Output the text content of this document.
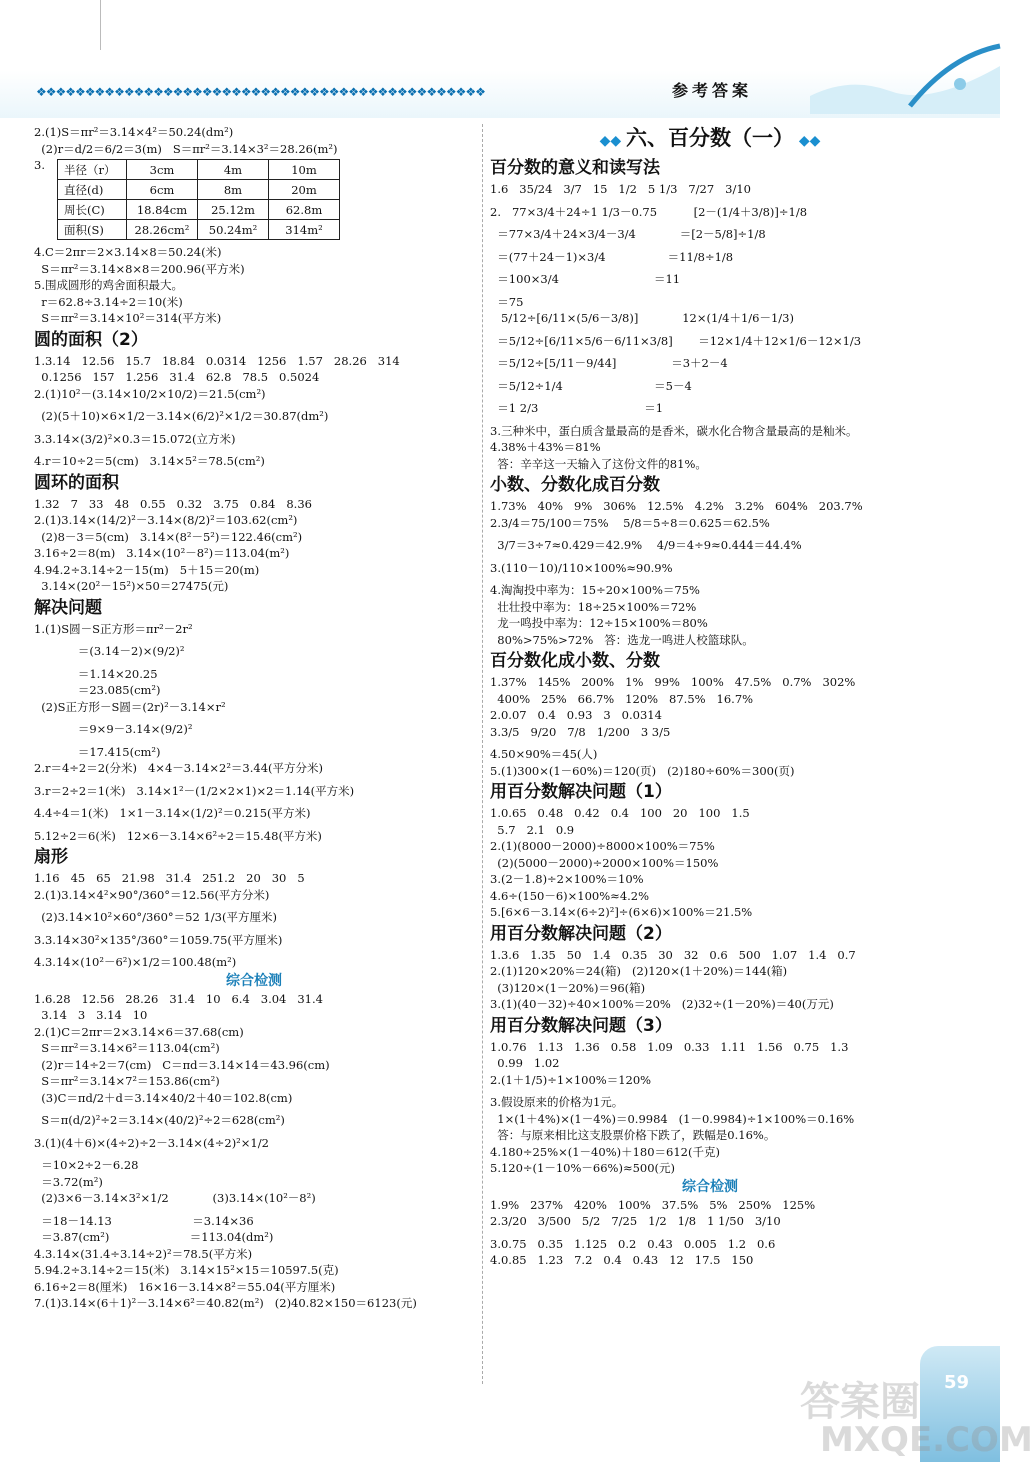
❖❖❖❖❖❖❖❖❖❖❖❖❖❖❖❖❖❖❖❖❖❖❖❖❖❖❖❖❖❖❖❖❖❖❖❖❖❖❖❖❖❖❖❖❖❖	参考答案
2.(1)S＝πr²＝3.14×4²＝50.24(dm²)
(2)r＝d/2＝6/2＝3(m)   S＝πr²＝3.14×3²＝28.26(m²)
3. 半径（r）	3cm	4m	10m
直径(d)	6cm	8m	20m
周长(C)	18.84cm	25.12m	62.8m
面积(S)	28.26cm²	50.24m²	314m²
4.C＝2πr＝2×3.14×8＝50.24(米)
S＝πr²＝3.14×8×8＝200.96(平方米)
5.围成圆形的鸡舍面积最大。
r＝62.8÷3.14÷2＝10(米)
S＝πr²＝3.14×10²＝314(平方米)
圆的面积（2）
1.3.14   12.56   15.7   18.84   0.0314   1256   1.57   28.26   314
0.1256   157   1.256   31.4   62.8   78.5   0.5024
2.(1)10²－(3.14×10/2×10/2)＝21.5(cm²)
(2)(5＋10)×6×1/2－3.14×(6/2)²×1/2＝30.87(dm²)
3.3.14×(3/2)²×0.3＝15.072(立方米)
4.r＝10÷2＝5(cm)   3.14×5²＝78.5(cm²)
圆环的面积
1.32   7   33   48   0.55   0.32   3.75   0.84   8.36
2.(1)3.14×(14/2)²－3.14×(8/2)²＝103.62(cm²)
(2)8－3＝5(cm)   3.14×(8²－5²)＝122.46(cm²)
3.16÷2＝8(m)   3.14×(10²－8²)＝113.04(m²)
4.94.2÷3.14÷2－15(m)   5＋15＝20(m)
3.14×(20²－15²)×50＝27475(元)
解决问题
1.(1)S圆－S正方形＝πr²－2r²
＝(3.14－2)×(9/2)²
＝1.14×20.25
＝23.085(cm²)
(2)S正方形－S圆＝(2r)²－3.14×r²
＝9×9－3.14×(9/2)²
＝17.415(cm²)
2.r＝4÷2＝2(分米)   4×4－3.14×2²＝3.44(平方分米)
3.r＝2÷2＝1(米)   3.14×1²－(1/2×2×1)×2＝1.14(平方米)
4.4÷4＝1(米)   1×1－3.14×(1/2)²＝0.215(平方米)
5.12÷2＝6(米)   12×6－3.14×6²÷2＝15.48(平方米)
扇形
1.16   45   65   21.98   31.4   251.2   20   30   5
2.(1)3.14×4²×90°/360°＝12.56(平方分米)
(2)3.14×10²×60°/360°＝52 1/3(平方厘米)
3.3.14×30²×135°/360°＝1059.75(平方厘米)
4.3.14×(10²－6²)×1/2＝100.48(m²)
综合检测
1.6.28   12.56   28.26   31.4   10   6.4   3.04   31.4
3.14   3   3.14   10
2.(1)C＝2πr＝2×3.14×6＝37.68(cm)
S＝πr²＝3.14×6²＝113.04(cm²)
(2)r＝14÷2＝7(cm)   C＝πd＝3.14×14＝43.96(cm)
S＝πr²＝3.14×7²＝153.86(cm²)
(3)C＝πd/2＋d＝3.14×40/2＋40＝102.8(cm)
S＝π(d/2)²÷2＝3.14×(40/2)²÷2＝628(cm²)
3.(1)(4＋6)×(4÷2)÷2－3.14×(4÷2)²×1/2
＝10×2÷2－6.28
＝3.72(m²)
(2)3×6－3.14×3²×1/2            (3)3.14×(10²－8²)
＝18－14.13                      ＝3.14×36
＝3.87(cm²)                      ＝113.04(dm²)
4.3.14×(31.4÷3.14÷2)²＝78.5(平方米)
5.94.2÷3.14÷2＝15(米)   3.14×15²×15＝10597.5(克)
6.16÷2＝8(厘米)   16×16－3.14×8²＝55.04(平方厘米)
7.(1)3.14×(6＋1)²－3.14×6²＝40.82(m²)   (2)40.82×150＝6123(元)
◆◆ 六、百分数（一） ◆◆
百分数的意义和读写法
1.6   35/24   3/7   15   1/2   5 1/3   7/27   3/10
2.   77×3/4＋24÷1 1/3－0.75          [2－(1/4＋3/8)]÷1/8
＝77×3/4＋24×3/4－3/4            ＝[2－5/8]÷1/8
＝(77＋24－1)×3/4                 ＝11/8÷1/8
＝100×3/4                          ＝11
＝75
5/12÷[6/11×(5/6－3/8)]            12×(1/4＋1/6－1/3)
＝5/12÷[6/11×5/6－6/11×3/8]       ＝12×1/4＋12×1/6－12×1/3
＝5/12÷[5/11－9/44]               ＝3＋2－4
＝5/12÷1/4                         ＝5－4
＝1 2/3                             ＝1
3.三种米中，蛋白质含量最高的是香米，碳水化合物含量最高的是籼米。
4.38%＋43%＝81%
答：辛辛这一天输入了这份文件的81%。
小数、分数化成百分数
1.73%   40%   9%   306%   12.5%   4.2%   3.2%   604%   203.7%
2.3/4＝75/100＝75%    5/8＝5÷8＝0.625＝62.5%
3/7＝3÷7≈0.429＝42.9%    4/9＝4÷9≈0.444＝44.4%
3.(110－10)/110×100%≈90.9%
4.淘淘投中率为：15÷20×100%＝75%
壮壮投中率为：18÷25×100%＝72%
龙一鸣投中率为：12÷15×100%＝80%
80%>75%>72%   答：选龙一鸣进人校篮球队。
百分数化成小数、分数
1.37%   145%   200%   1%   99%   100%   47.5%   0.7%   302%
400%   25%   66.7%   120%   87.5%   16.7%
2.0.07   0.4   0.93   3   0.0314
3.3/5   9/20   7/8   1/200   3 3/5
4.50×90%＝45(人)
5.(1)300×(1－60%)＝120(页)   (2)180÷60%＝300(页)
用百分数解决问题（1）
1.0.65   0.48   0.42   0.4   100   20   100   1.5
5.7   2.1   0.9
2.(1)(8000－2000)÷8000×100%＝75%
(2)(5000－2000)÷2000×100%＝150%
3.(2－1.8)÷2×100%＝10%
4.6÷(150－6)×100%≈4.2%
5.[6×6－3.14×(6÷2)²]÷(6×6)×100%＝21.5%
用百分数解决问题（2）
1.3.6   1.35   50   1.4   0.35   30   32   0.6   500   1.07   1.4   0.7
2.(1)120×20%＝24(箱)   (2)120×(1＋20%)＝144(箱)
(3)120×(1－20%)＝96(箱)
3.(1)(40－32)÷40×100%＝20%   (2)32÷(1－20%)＝40(万元)
用百分数解决问题（3）
1.0.76   1.13   1.36   0.58   1.09   0.33   1.11   1.56   0.75   1.3
0.99   1.02
2.(1＋1/5)÷1×100%＝120%
3.假设原来的价格为1元。
1×(1＋4%)×(1－4%)＝0.9984   (1－0.9984)÷1×100%＝0.16%
答：与原来相比这支股票价格下跌了，跌幅是0.16%。
4.180÷25%×(1－40%)＋180＝612(千克)
5.120÷(1－10%－66%)≈500(元)
综合检测
1.9%   237%   420%   100%   37.5%   5%   250%   125%
2.3/20   3/500   5/2   7/25   1/2   1/8   1 1/50   3/10
3.0.75   0.35   1.125   0.2   0.43   0.005   1.2   0.6
4.0.85   1.23   7.2   0.4   0.43   12   17.5   150
答案圈
MXQE.COM
59
